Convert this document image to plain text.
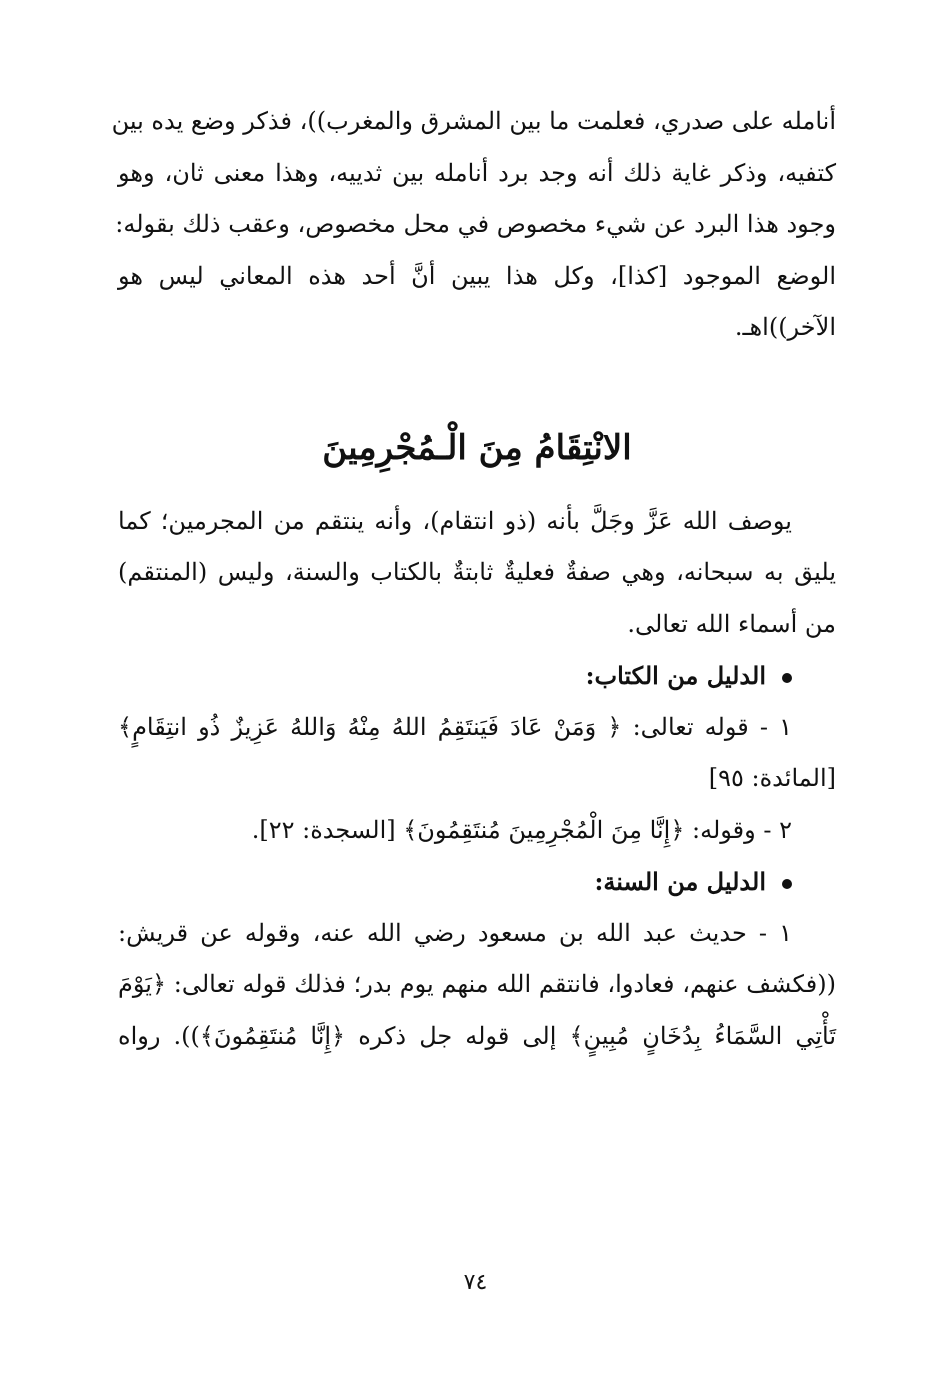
أنامله على صدري، فعلمت ما بين المشرق والمغرب))، فذكر وضع يده بين
كتفيه، وذكر غاية ذلك أنه وجد برد أنامله بين ثدييه، وهذا معنى ثان، وهو
وجود هذا البرد عن شيء مخصوص في محل مخصوص، وعقب ذلك بقوله:
الوضع الموجود [كذا]، وكل هذا يبين أنَّ أحد هذه المعاني ليس هو
الآخر))اهـ.
الانْتِقَامُ مِنَ الْـمُجْرِمِينَ
يوصف الله عَزَّ وجَلَّ بأنه (ذو انتقام)، وأنه ينتقم من المجرمين؛ كما
يليق به سبحانه، وهي صفةٌ فعليةٌ ثابتةٌ بالكتاب والسنة، وليس (المنتقم)
من أسماء الله تعالى.
الدليل من الكتاب:
١ - قوله تعالى: ﴿ وَمَنْ عَادَ فَيَنتَقِمُ اللهُ مِنْهُ وَاللهُ عَزِيزٌ ذُو انتِقَامٍ﴾
[المائدة: ٩٥]
٢ - وقوله: ﴿إِنَّا مِنَ الْمُجْرِمِينَ مُنتَقِمُونَ﴾ [السجدة: ٢٢].
الدليل من السنة:
١ - حديث عبد الله بن مسعود رضي الله عنه، وقوله عن قريش:
((فكشف عنهم، فعادوا، فانتقم الله منهم يوم بدر؛ فذلك قوله تعالى: ﴿يَوْمَ
تَأْتِي السَّمَاءُ بِدُخَانٍ مُبِينٍ﴾ إلى قوله جل ذكره ﴿إِنَّا مُنتَقِمُونَ﴾)). رواه
٧٤
